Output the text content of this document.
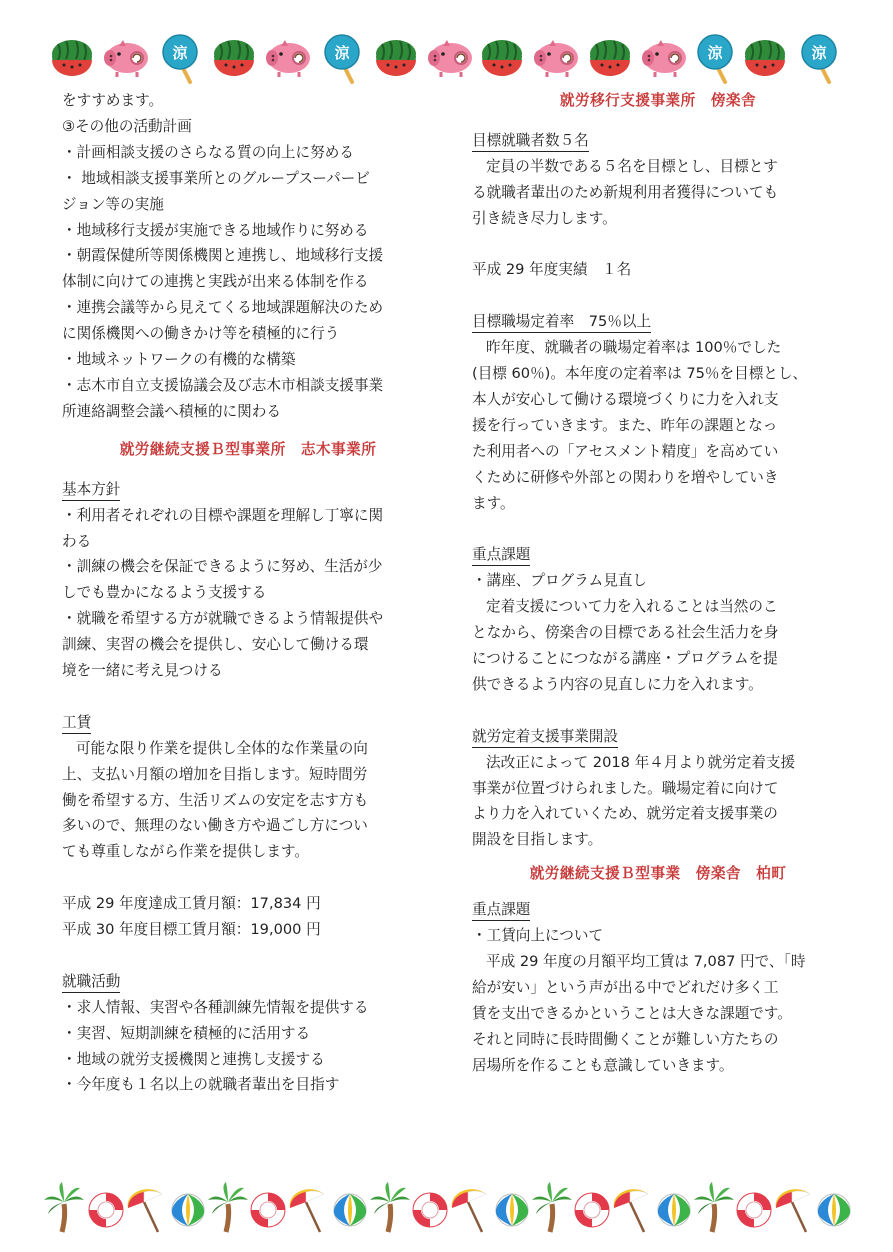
涼	涼	涼	涼
をすすめます。
③その他の活動計画
・計画相談支援のさらなる質の向上に努める
・ 地域相談支援事業所とのグループスーパービ
ジョン等の実施
・地域移行支援が実施できる地域作りに努める
・朝霞保健所等関係機関と連携し、地域移行支援
体制に向けての連携と実践が出来る体制を作る
・連携会議等から見えてくる地域課題解決のため
に関係機関への働きかけ等を積極的に行う
・地域ネットワークの有機的な構築
・志木市自立支援協議会及び志木市相談支援事業
所連絡調整会議へ積極的に関わる
就労継続支援Ｂ型事業所　志木事業所
基本方針
・利用者それぞれの目標や課題を理解し丁寧に関
わる
・訓練の機会を保証できるように努め、生活が少
しでも豊かになるよう支援する
・就職を希望する方が就職できるよう情報提供や
訓練、実習の機会を提供し、安心して働ける環
境を一緒に考え見つける
工賃
可能な限り作業を提供し全体的な作業量の向
上、支払い月額の増加を目指します。短時間労
働を希望する方、生活リズムの安定を志す方も
多いので、無理のない働き方や過ごし方につい
ても尊重しながら作業を提供します。
平成 29 年度達成工賃月額：17,834 円
平成 30 年度目標工賃月額：19,000 円
就職活動
・求人情報、実習や各種訓練先情報を提供する
・実習、短期訓練を積極的に活用する
・地域の就労支援機関と連携し支援する
・今年度も１名以上の就職者輩出を目指す
就労移行支援事業所　傍楽舎
目標就職者数５名
定員の半数である５名を目標とし、目標とす
る就職者輩出のため新規利用者獲得についても
引き続き尽力します。
平成 29 年度実績　１名
目標職場定着率　75％以上
昨年度、就職者の職場定着率は 100％でした
(目標 60％)。本年度の定着率は 75％を目標とし、
本人が安心して働ける環境づくりに力を入れ支
援を行っていきます。また、昨年の課題となっ
た利用者への「アセスメント精度」を高めてい
くために研修や外部との関わりを増やしていき
ます。
重点課題
・講座、プログラム見直し
定着支援について力を入れることは当然のこ
となから、傍楽舎の目標である社会生活力を身
につけることにつながる講座・プログラムを提
供できるよう内容の見直しに力を入れます。
就労定着支援事業開設
法改正によって 2018 年４月より就労定着支援
事業が位置づけられました。職場定着に向けて
より力を入れていくため、就労定着支援事業の
開設を目指します。
就労継続支援Ｂ型事業　傍楽舎　柏町
重点課題
・工賃向上について
平成 29 年度の月額平均工賃は 7,087 円で、「時
給が安い」という声が出る中でどれだけ多く工
賃を支出できるかということは大きな課題です。
それと同時に長時間働くことが難しい方たちの
居場所を作ることも意識していきます。
